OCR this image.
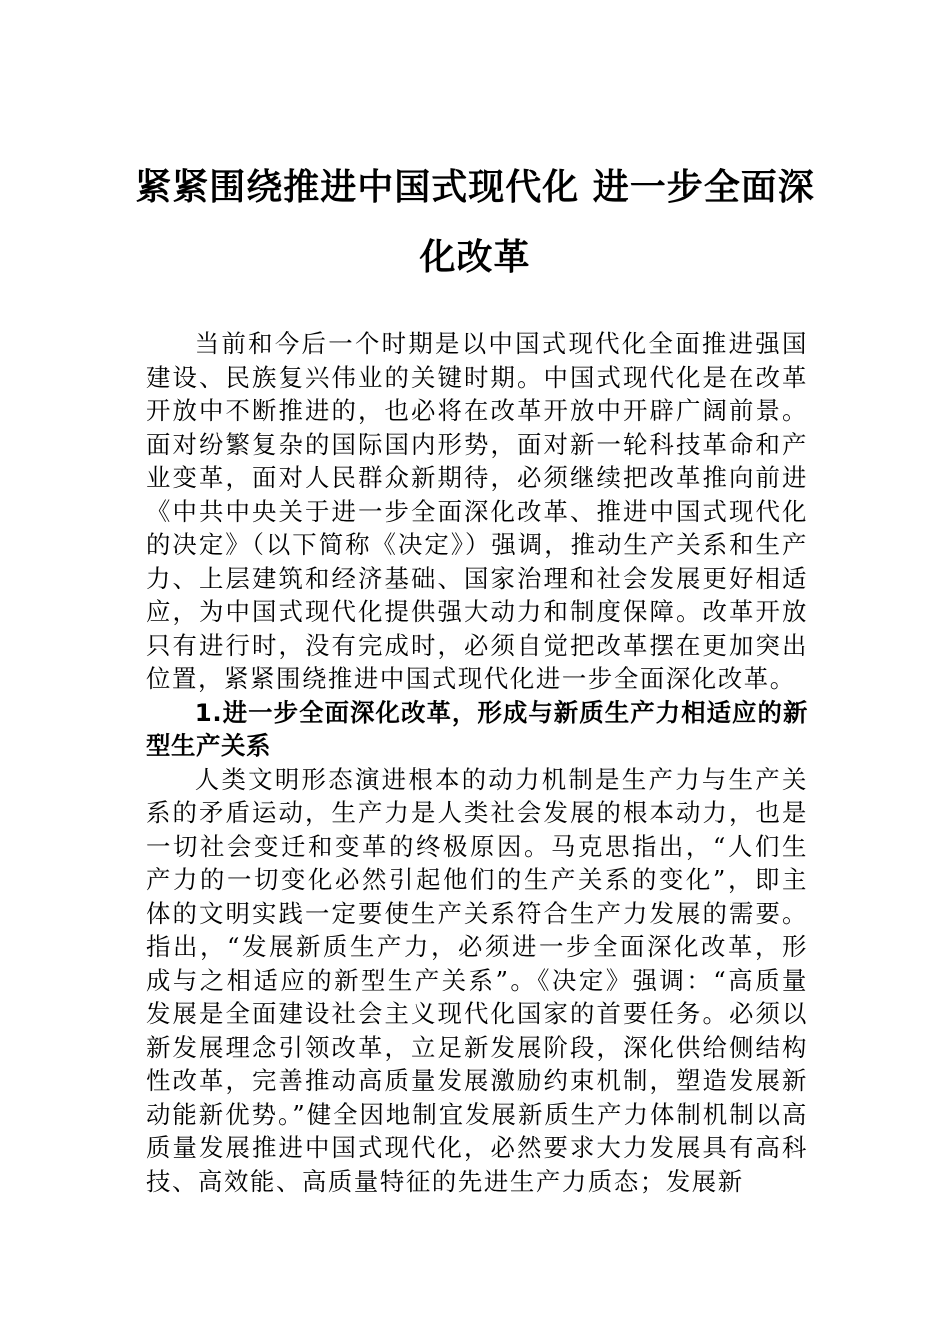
紧紧围绕推进中国式现代化 进一步全面深化改革

当前和今后一个时期是以中国式现代化全面推进强国建设、民族复兴伟业的关键时期。中国式现代化是在改革开放中不断推进的，也必将在改革开放中开辟广阔前景。面对纷繁复杂的国际国内形势，面对新一轮科技革命和产业变革，面对人民群众新期待，必须继续把改革推向前进《中共中央关于进一步全面深化改革、推进中国式现代化的决定》（以下简称《决定》）强调，推动生产关系和生产力、上层建筑和经济基础、国家治理和社会发展更好相适应，为中国式现代化提供强大动力和制度保障。改革开放只有进行时，没有完成时，必须自觉把改革摆在更加突出位置，紧紧围绕推进中国式现代化进一步全面深化改革。

1.进一步全面深化改革，形成与新质生产力相适应的新型生产关系

人类文明形态演进根本的动力机制是生产力与生产关系的矛盾运动，生产力是人类社会发展的根本动力，也是一切社会变迁和变革的终极原因。马克思指出，“人们生产力的一切变化必然引起他们的生产关系的变化”，即主体的文明实践一定要使生产关系符合生产力发展的需要。指出，“发展新质生产力，必须进一步全面深化改革，形成与之相适应的新型生产关系”。《决定》强调：“高质量发展是全面建设社会主义现代化国家的首要任务。必须以新发展理念引领改革，立足新发展阶段，深化供给侧结构性改革，完善推动高质量发展激励约束机制，塑造发展新动能新优势。”健全因地制宜发展新质生产力体制机制以高质量发展推进中国式现代化，必然要求大力发展具有高科技、高效能、高质量特征的先进生产力质态；发展新
